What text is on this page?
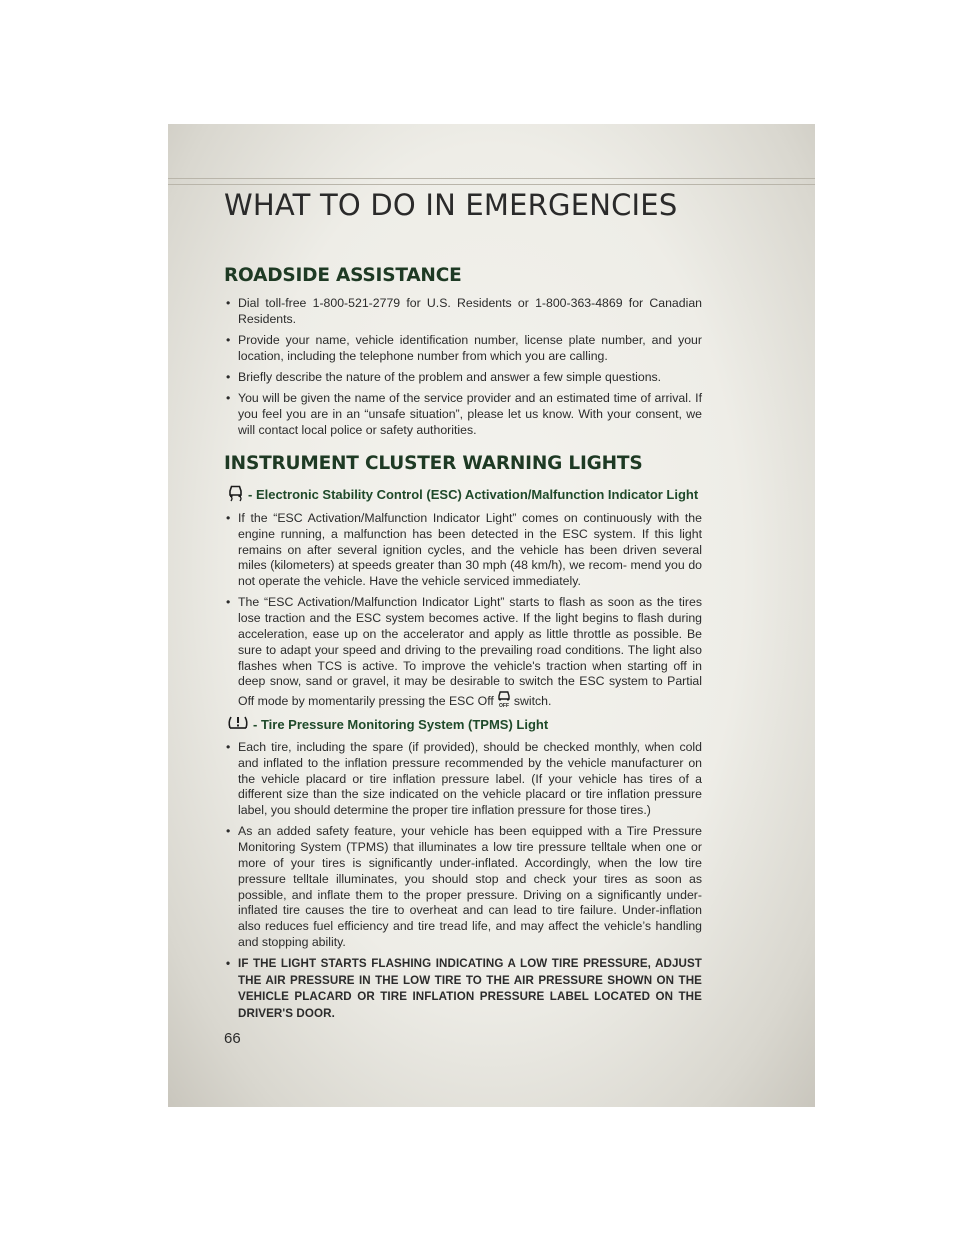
WHAT TO DO IN EMERGENCIES
ROADSIDE ASSISTANCE
• Dial toll-free 1-800-521-2779 for U.S. Residents or 1-800-363-4869 for Canadian Residents.
• Provide your name, vehicle identification number, license plate number, and your location, including the telephone number from which you are calling.
• Briefly describe the nature of the problem and answer a few simple questions.
• You will be given the name of the service provider and an estimated time of arrival. If you feel you are in an “unsafe situation”, please let us know. With your consent, we will contact local police or safety authorities.
INSTRUMENT CLUSTER WARNING LIGHTS
- Electronic Stability Control (ESC) Activation/Malfunction Indicator Light
• If the “ESC Activation/Malfunction Indicator Light” comes on continuously with the engine running, a malfunction has been detected in the ESC system. If this light remains on after several ignition cycles, and the vehicle has been driven several miles (kilometers) at speeds greater than 30 mph (48 km/h), we recom- mend you do not operate the vehicle. Have the vehicle serviced immediately.
• The “ESC Activation/Malfunction Indicator Light” starts to flash as soon as the tires lose traction and the ESC system becomes active. If the light begins to flash during acceleration, ease up on the accelerator and apply as little throttle as possible. Be sure to adapt your speed and driving to the prevailing road conditions. The light also flashes when TCS is active. To improve the vehicle's traction when starting off in deep snow, sand or gravel, it may be desirable to switch the ESC system to Partial Off mode by momentarily pressing the ESC Off OFF switch.
- Tire Pressure Monitoring System (TPMS) Light
• Each tire, including the spare (if provided), should be checked monthly, when cold and inflated to the inflation pressure recommended by the vehicle manufacturer on the vehicle placard or tire inflation pressure label. (If your vehicle has tires of a different size than the size indicated on the vehicle placard or tire inflation pressure label, you should determine the proper tire inflation pressure for those tires.)
• As an added safety feature, your vehicle has been equipped with a Tire Pressure Monitoring System (TPMS) that illuminates a low tire pressure telltale when one or more of your tires is significantly under-inflated. Accordingly, when the low tire pressure telltale illuminates, you should stop and check your tires as soon as possible, and inflate them to the proper pressure. Driving on a significantly under-inflated tire causes the tire to overheat and can lead to tire failure. Under-inflation also reduces fuel efficiency and tire tread life, and may affect the vehicle’s handling and stopping ability.
• IF THE LIGHT STARTS FLASHING INDICATING A LOW TIRE PRESSURE, ADJUST THE AIR PRESSURE IN THE LOW TIRE TO THE AIR PRESSURE SHOWN ON THE VEHICLE PLACARD OR TIRE INFLATION PRESSURE LABEL LOCATED ON THE DRIVER'S DOOR.
66
